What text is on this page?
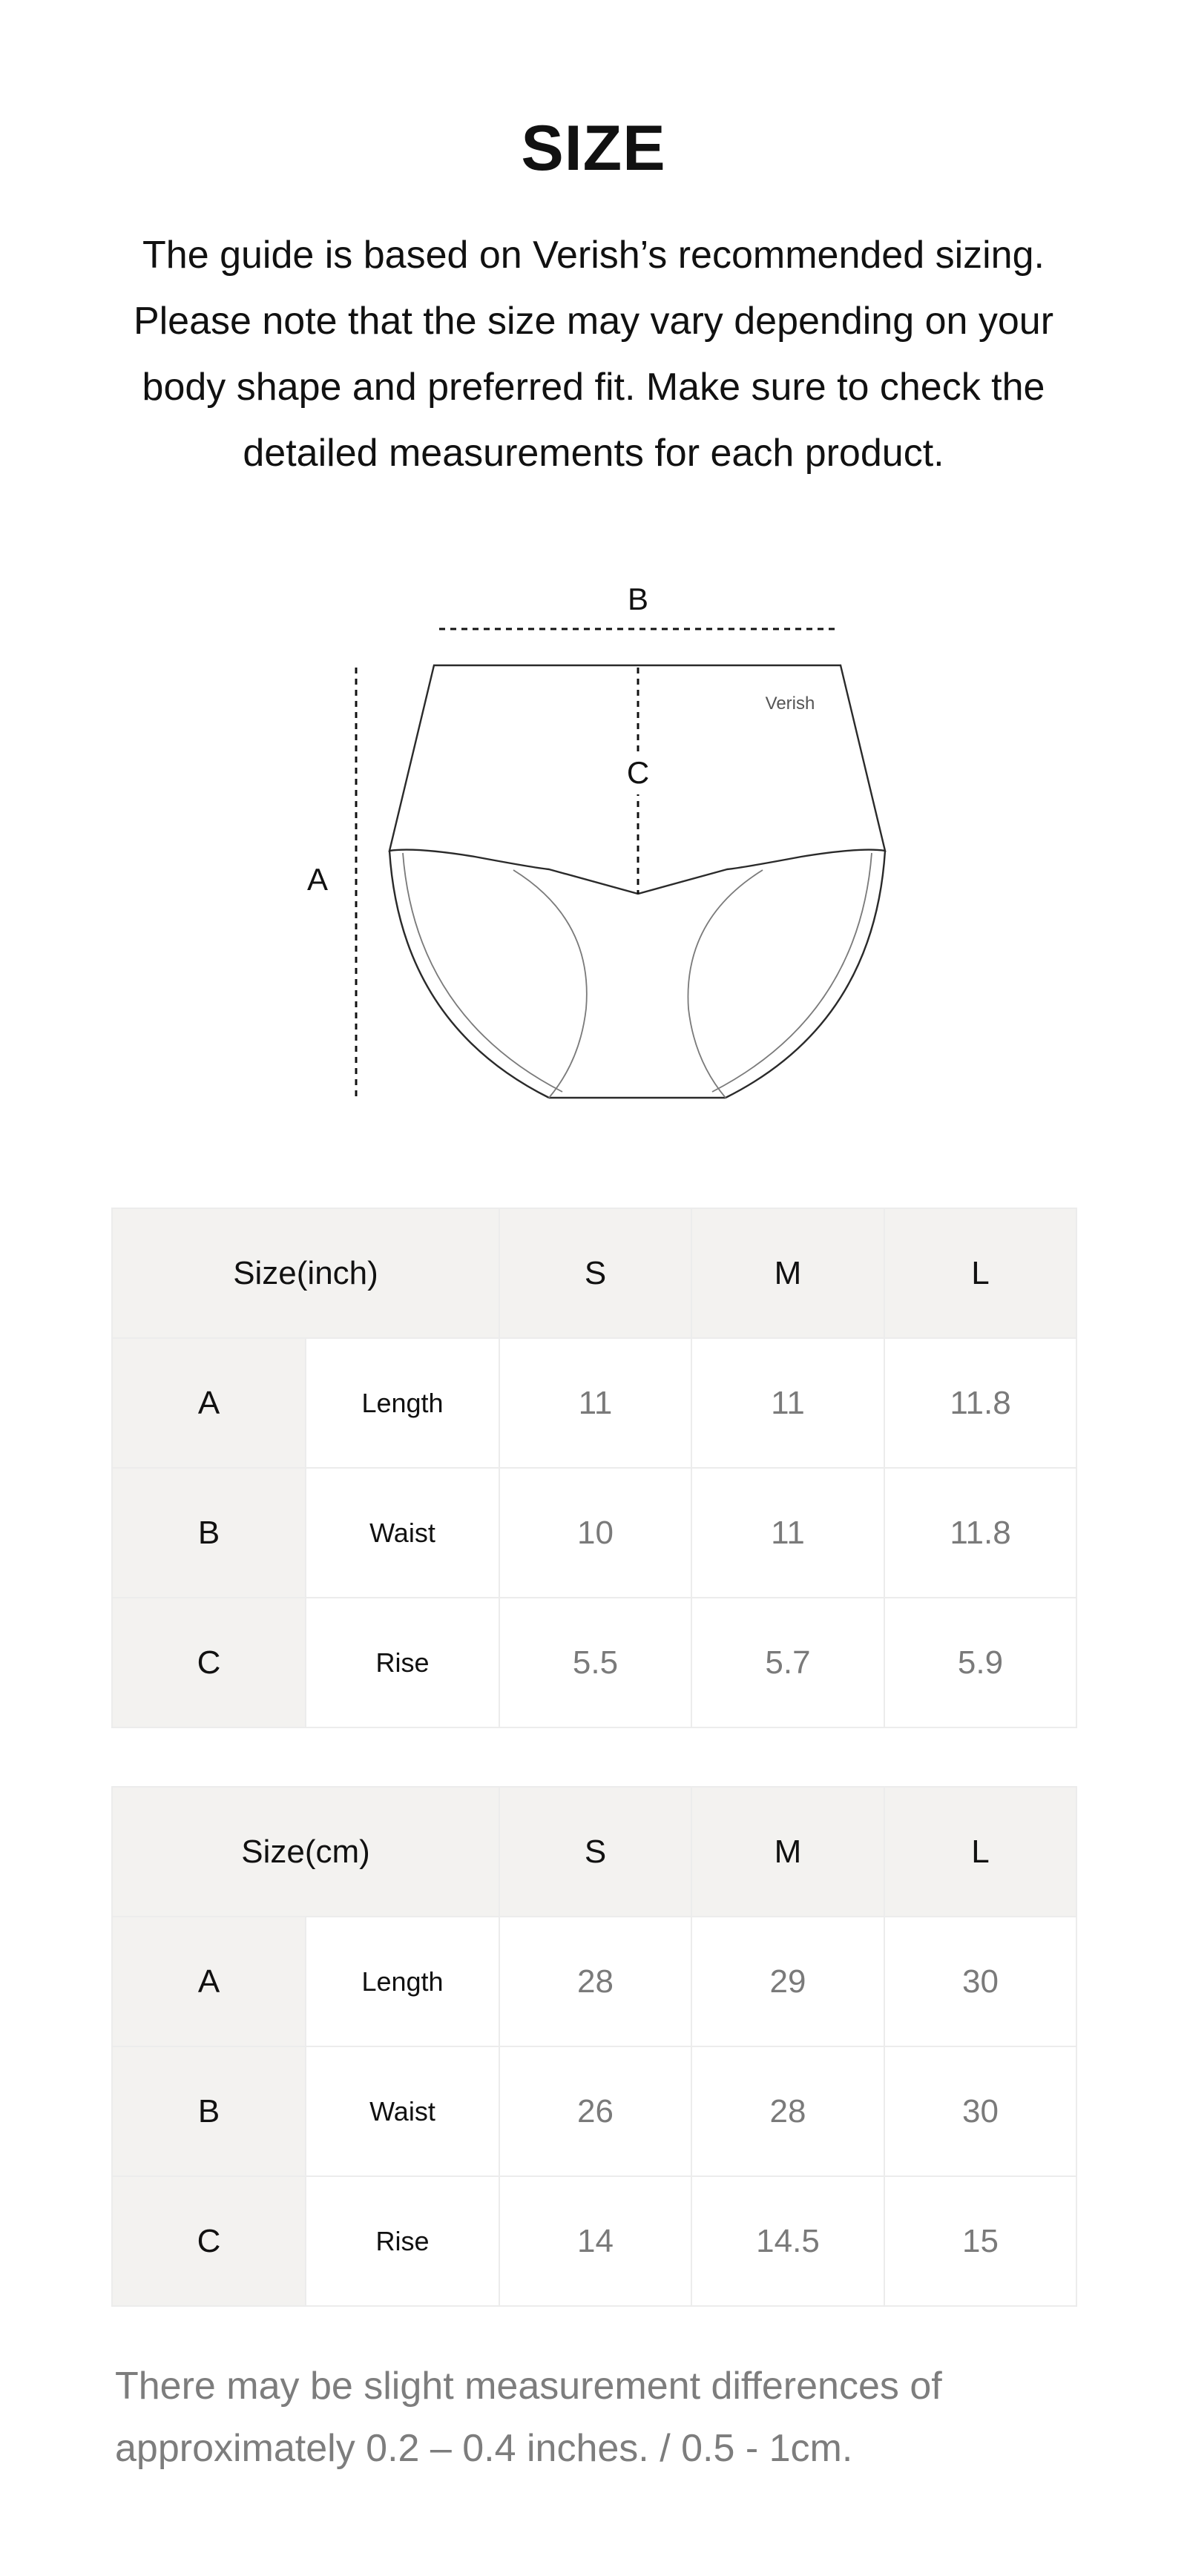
SIZE
The guide is based on Verish’s recommended sizing. Please note that the size may vary depending on your body shape and preferred fit. Make sure to check the detailed measurements for each product.
B
A
C
Verish
Size(inch)		S	M	L
A	Length	11	11	11.8
B	Waist	10	11	11.8
C	Rise	5.5	5.7	5.9
Size(cm)		S	M	L
A	Length	28	29	30
B	Waist	26	28	30
C	Rise	14	14.5	15
There may be slight measurement differences of approximately 0.2 – 0.4 inches. / 0.5 - 1cm.
